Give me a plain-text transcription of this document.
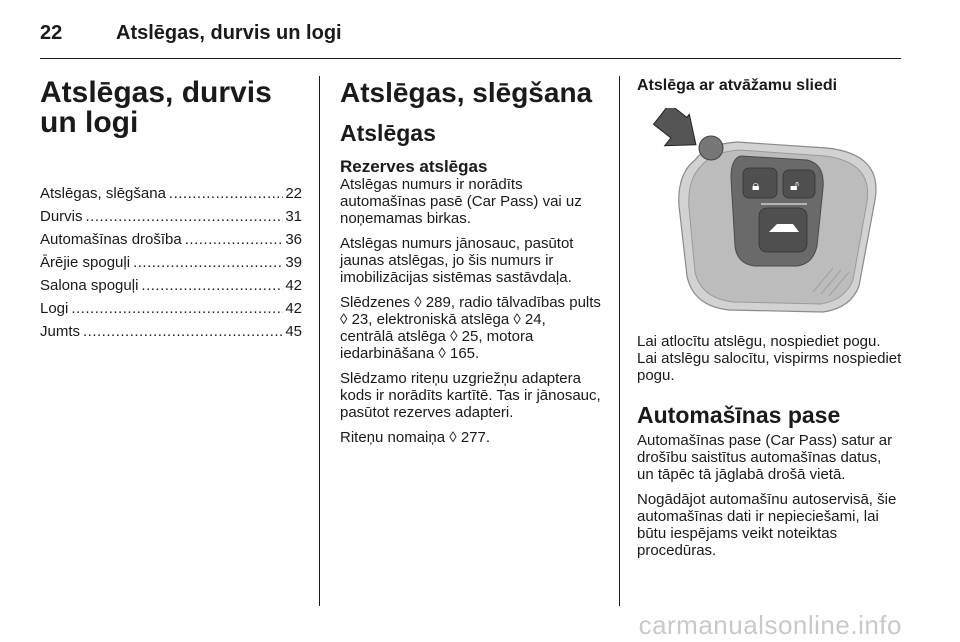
22	Atslēgas, durvis un logi
Atslēgas, durvis un logi
Atslēgas, slēgšana .....	22
Durvis .....	31
Automašīnas drošība .....	36
Ārējie spoguļi .....	39
Salona spoguļi .....	42
Logi .....	42
Jumts .....	45
Atslēgas, slēgšana
Atslēgas
Rezerves atslēgas

Atslēgas numurs ir norādīts automašīnas pasē (Car Pass) vai uz noņemamas birkas.

Atslēgas numurs jānosauc, pasūtot jaunas atslēgas, jo šis numurs ir imobilizācijas sistēmas sastāvdaļa.

Slēdzenes ◊ 289, radio tālvadības pults ◊ 23, elektroniskā atslēga ◊ 24, centrālā atslēga ◊ 25, motora iedarbināšana ◊ 165.

Slēdzamo riteņu uzgriežņu adaptera kods ir norādīts kartītē. Tas ir jānosauc, pasūtot rezerves adapteri.

Riteņu nomaiņa ◊ 277.

Atslēga ar atvāžamu sliedi
🔒︎ 🔓︎

Lai atlocītu atslēgu, nospiediet pogu. Lai atslēgu salocītu, vispirms nospiediet pogu.

Automašīnas pase

Automašīnas pase (Car Pass) satur ar drošību saistītus automašīnas datus, un tāpēc tā jāglabā drošā vietā.

Nogādājot automašīnu autoservisā, šie automašīnas dati ir nepieciešami, lai būtu iespējams veikt noteiktas procedūras.

carmanualsonline.info
